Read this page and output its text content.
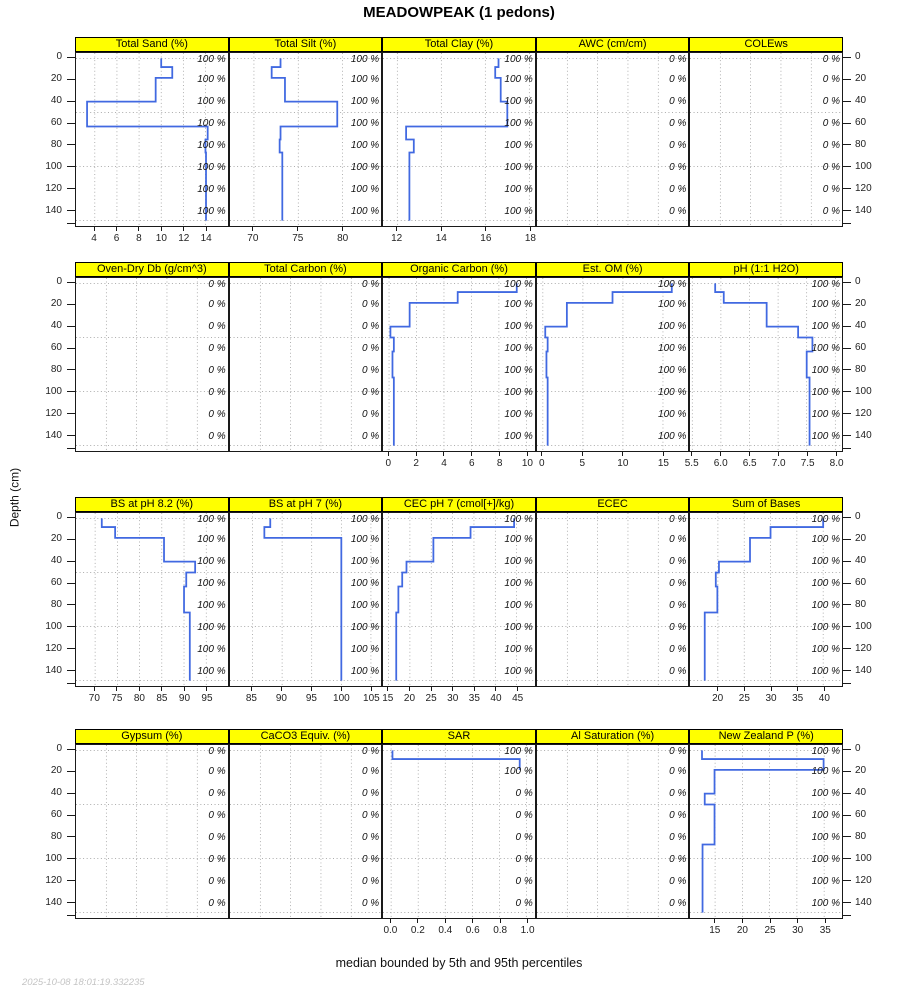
MEADOWPEAK (1 pedons)
Depth (cm)
Total Sand (%)
100 %
100 %
100 %
100 %
100 %
100 %
100 %
100 %
4	6	8	10	12	14
Total Silt (%)
100 %
100 %
100 %
100 %
100 %
100 %
100 %
100 %
70	75	80
Total Clay (%)
100 %
100 %
100 %
100 %
100 %
100 %
100 %
100 %
12	14	16	18
AWC (cm/cm)
0 %
0 %
0 %
0 %
0 %
0 %
0 %
0 %
COLEws
0 %
0 %
0 %
0 %
0 %
0 %
0 %
0 %
0	0
20	20
40	40
60	60
80	80
100	100
120	120
140	140
Oven-Dry Db (g/cm^3)
0 %
0 %
0 %
0 %
0 %
0 %
0 %
0 %
Total Carbon (%)
0 %
0 %
0 %
0 %
0 %
0 %
0 %
0 %
Organic Carbon (%)
100 %
100 %
100 %
100 %
100 %
100 %
100 %
100 %
0	2	4	6	8	10
Est. OM (%)
100 %
100 %
100 %
100 %
100 %
100 %
100 %
100 %
0	5	10	15
pH (1:1 H2O)
100 %
100 %
100 %
100 %
100 %
100 %
100 %
100 %
5.5	6.0	6.5	7.0	7.5	8.0
0	0
20	20
40	40
60	60
80	80
100	100
120	120
140	140
BS at pH 8.2 (%)
100 %
100 %
100 %
100 %
100 %
100 %
100 %
100 %
70	75	80	85	90	95
BS at pH 7 (%)
100 %
100 %
100 %
100 %
100 %
100 %
100 %
100 %
85	90	95	100	105
CEC pH 7 (cmol[+]/kg)
100 %
100 %
100 %
100 %
100 %
100 %
100 %
100 %
15	20	25	30	35	40	45
ECEC
0 %
0 %
0 %
0 %
0 %
0 %
0 %
0 %
Sum of Bases
100 %
100 %
100 %
100 %
100 %
100 %
100 %
100 %
20	25	30	35	40
0	0
20	20
40	40
60	60
80	80
100	100
120	120
140	140
Gypsum (%)
0 %
0 %
0 %
0 %
0 %
0 %
0 %
0 %
CaCO3 Equiv. (%)
0 %
0 %
0 %
0 %
0 %
0 %
0 %
0 %
SAR
100 %
100 %
0 %
0 %
0 %
0 %
0 %
0 %
0.0	0.2	0.4	0.6	0.8	1.0
Al Saturation (%)
0 %
0 %
0 %
0 %
0 %
0 %
0 %
0 %
New Zealand P (%)
100 %
100 %
100 %
100 %
100 %
100 %
100 %
100 %
15	20	25	30	35
0	0
20	20
40	40
60	60
80	80
100	100
120	120
140	140
median bounded by 5th and 95th percentiles
2025-10-08 18:01:19.332235
